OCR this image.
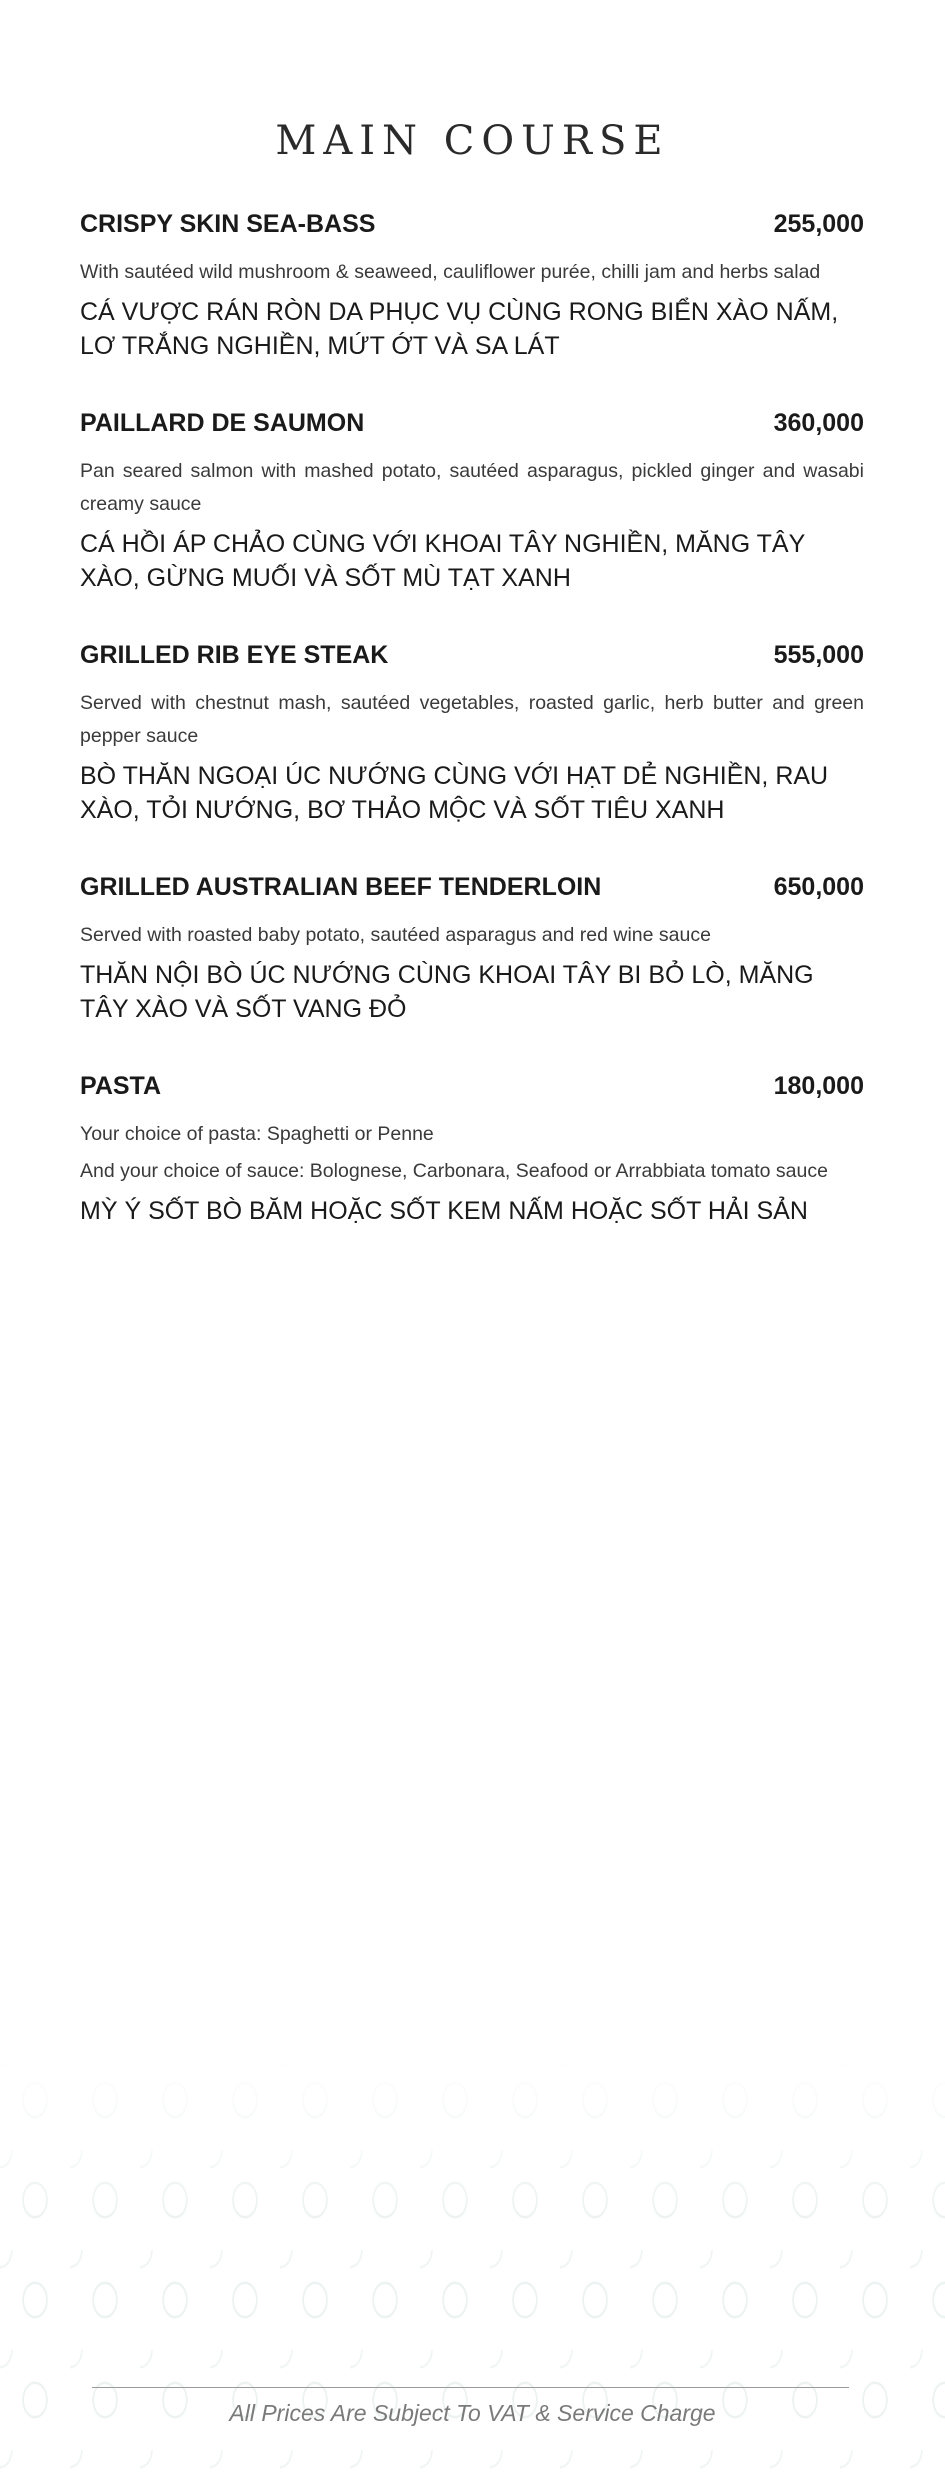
MAIN COURSE
CRISPY SKIN SEA-BASS	255,000

With sautéed wild mushroom & seaweed, cauliflower purée, chilli jam and herbs salad

CÁ VƯỢC RÁN RÒN DA PHỤC VỤ CÙNG RONG BIỂN XÀO NẤM, LƠ TRẮNG NGHIỀN, MỨT ỚT VÀ SA LÁT

PAILLARD DE SAUMON	360,000

Pan seared salmon with mashed potato, sautéed asparagus, pickled ginger and wasabi creamy sauce

CÁ HỒI ÁP CHẢO CÙNG VỚI KHOAI TÂY NGHIỀN, MĂNG TÂY XÀO, GỪNG MUỐI VÀ SỐT MÙ TẠT XANH

GRILLED RIB EYE STEAK	555,000

Served with chestnut mash, sautéed vegetables, roasted garlic, herb butter and green pepper sauce

BÒ THĂN NGOẠI ÚC NƯỚNG CÙNG VỚI HẠT DẺ NGHIỀN, RAU XÀO, TỎI NƯỚNG, BƠ THẢO MỘC VÀ SỐT TIÊU XANH

GRILLED AUSTRALIAN BEEF TENDERLOIN	650,000

Served with roasted baby potato, sautéed asparagus and red wine sauce

THĂN NỘI BÒ ÚC NƯỚNG CÙNG KHOAI TÂY BI BỎ LÒ, MĂNG TÂY XÀO VÀ SỐT VANG ĐỎ

PASTA	180,000

Your choice of pasta: Spaghetti or Penne

And your choice of sauce: Bolognese, Carbonara, Seafood or Arrabbiata tomato sauce

MỲ Ý SỐT BÒ BĂM HOẶC SỐT KEM NẤM HOẶC SỐT HẢI SẢN

All Prices Are Subject To VAT & Service Charge
